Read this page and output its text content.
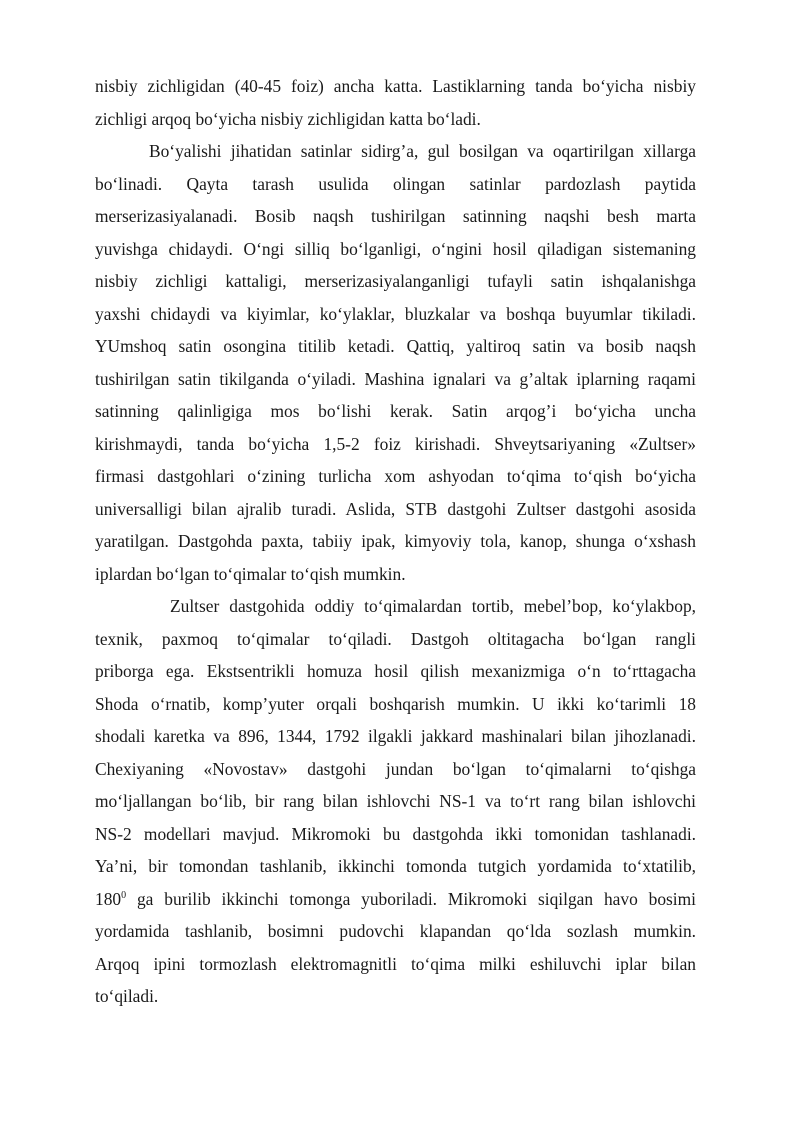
nisbiy zichligidan (40-45 foiz) ancha katta. Lastiklarning tanda bo‘yicha nisbiy
zichligi arqoq bo‘yicha nisbiy zichligidan katta bo‘ladi.
Bo‘yalishi jihatidan satinlar sidirg’a, gul bosilgan va oqartirilgan xillarga
bo‘linadi. Qayta tarash usulida olingan satinlar pardozlash paytida
merserizasiyalanadi. Bosib naqsh tushirilgan satinning naqshi besh marta
yuvishga chidaydi. O‘ngi silliq bo‘lganligi, o‘ngini hosil qiladigan sistemaning
nisbiy zichligi kattaligi, merserizasiyalanganligi tufayli satin ishqalanishga
yaxshi chidaydi va kiyimlar, ko‘ylaklar, bluzkalar va boshqa buyumlar tikiladi.
YUmshoq satin osongina titilib ketadi. Qattiq, yaltiroq satin va bosib naqsh
tushirilgan satin tikilganda o‘yiladi. Mashina ignalari va g’altak iplarning raqami
satinning qalinligiga mos bo‘lishi kerak. Satin arqog’i bo‘yicha uncha
kirishmaydi, tanda bo‘yicha 1,5-2 foiz kirishadi. Shveytsariyaning «Zultser»
firmasi dastgohlari o‘zining turlicha xom ashyodan to‘qima to‘qish bo‘yicha
universalligi bilan ajralib turadi. Aslida, STB dastgohi Zultser dastgohi asosida
yaratilgan. Dastgohda paxta, tabiiy ipak, kimyoviy tola, kanop, shunga o‘xshash
iplardan bo‘lgan to‘qimalar to‘qish mumkin.
Zultser dastgohida oddiy to‘qimalardan tortib, mebel’bop, ko‘ylakbop,
texnik, paxmoq to‘qimalar to‘qiladi. Dastgoh oltitagacha bo‘lgan rangli
priborga ega. Ekstsentrikli homuza hosil qilish mexanizmiga o‘n to‘rttagacha
Shoda o‘rnatib, komp’yuter orqali boshqarish mumkin. U ikki ko‘tarimli 18
shodali karetka va 896, 1344, 1792 ilgakli jakkard mashinalari bilan jihozlanadi.
Chexiyaning «Novostav» dastgohi jundan bo‘lgan to‘qimalarni to‘qishga
mo‘ljallangan bo‘lib, bir rang bilan ishlovchi NS-1 va to‘rt rang bilan ishlovchi
NS-2 modellari mavjud. Mikromoki bu dastgohda ikki tomonidan tashlanadi.
Ya’ni, bir tomondan tashlanib, ikkinchi tomonda tutgich yordamida to‘xtatilib,
$180^0$ ga burilib ikkinchi tomonga yuboriladi. Mikromoki siqilgan havo bosimi
yordamida tashlanib, bosimni pudovchi klapandan qo‘lda sozlash mumkin.
Arqoq ipini tormozlash elektromagnitli to‘qima milki eshiluvchi iplar bilan
to‘qiladi.
